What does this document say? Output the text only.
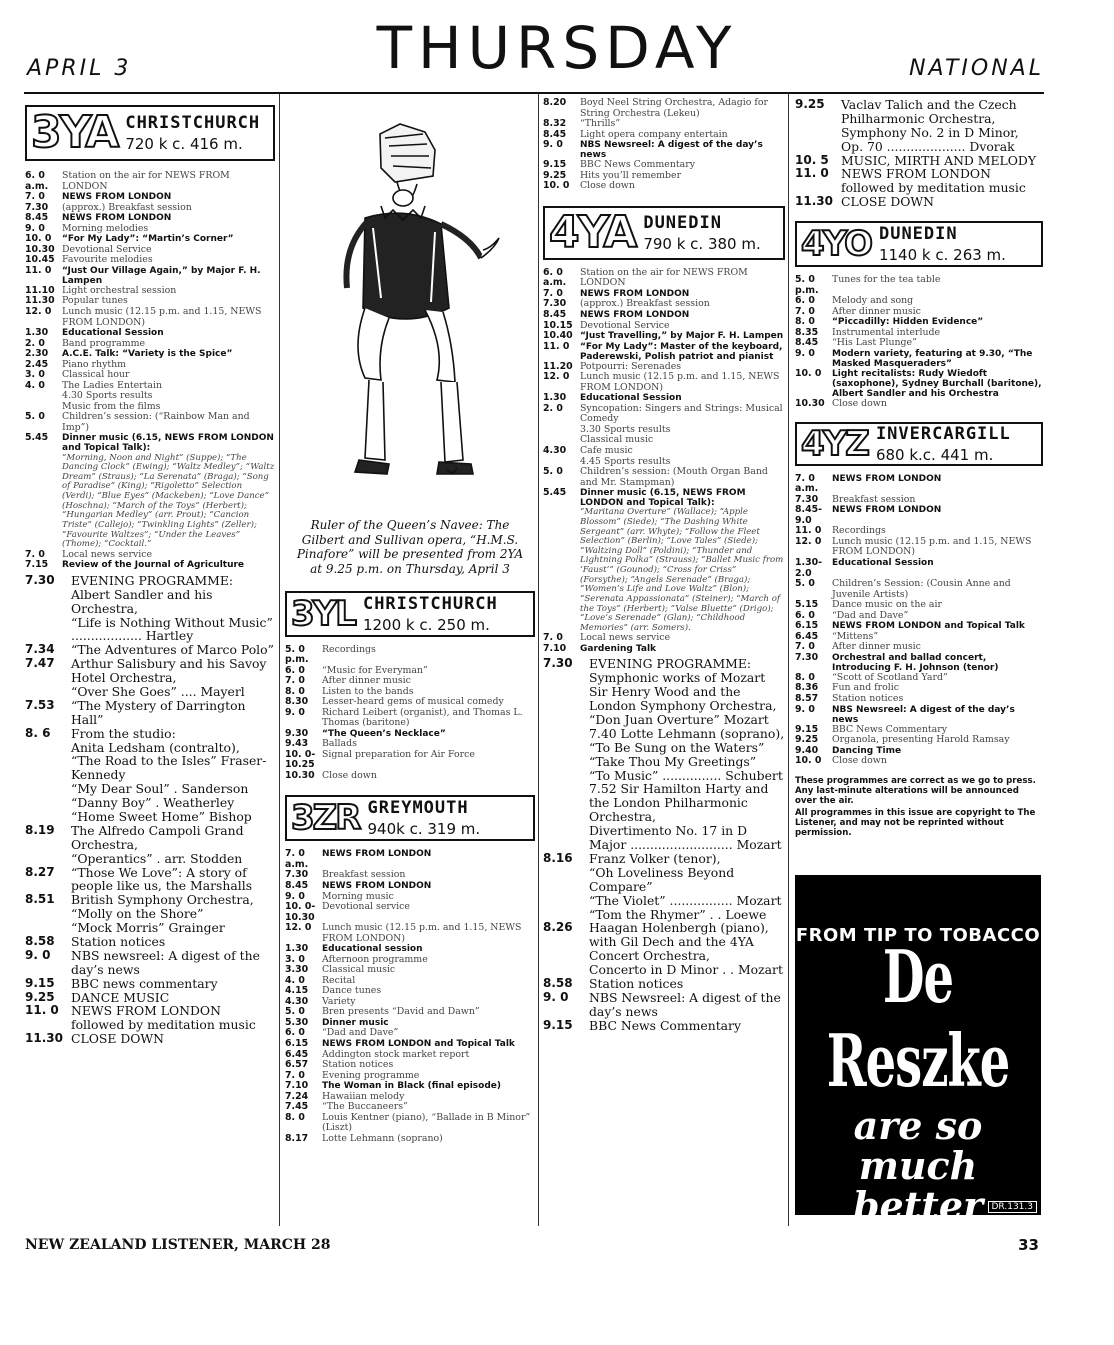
APRIL 3	THURSDAY	NATIONAL
3YA CHRISTCHURCH
720 k c. 416 m.
6. 0 a.m.
Station on the air for NEWS FROM LONDON
7. 0	NEWS FROM LONDON
7.30	(approx.) Breakfast session
8.45	NEWS FROM LONDON
9. 0	Morning melodies
10. 0	“For My Lady”: “Martin’s Corner”
10.30 Devotional Service
10.45 Favourite melodies
11. 0	“Just Our Village Again,” by Major F. H. Lampen
11.10 Light orchestral session
11.30 Popular tunes
12. 0	Lunch music (12.15 p.m. and 1.15, NEWS FROM LONDON)
1.30	Educational Session
2. 0	Band programme
2.30	A.C.E. Talk: “Variety is the Spice”
2.45	Piano rhythm
3. 0	Classical hour
4. 0	The Ladies Entertain
4.30 Sports results
Music from the films
5. 0	Children’s session: (“Rainbow Man and Imp”)
5.45	Dinner music (6.15, NEWS FROM LONDON and Topical Talk):
“Morning, Noon and Night” (Suppe); “The Dancing Clock” (Ewing); “Waltz Medley”; “Waltz Dream” (Straus); “La Serenata” (Braga); “Song of Paradise” (King); “Rigoletto” Selection (Verdi); “Blue Eyes” (Mackeben); “Love Dance” (Hoschna); “March of the Toys” (Herbert); “Hungarian Medley” (arr. Prout); “Cancion Triste” (Callejo); “Twinkling Lights” (Zeller); “Favourite Waltzes”; “Under the Leaves” (Thome); “Cocktail.”
7. 0	Local news service
7.15	Review of the Journal of Agriculture
7.30	EVENING PROGRAMME:
Albert Sandler and his Orchestra,
“Life is Nothing Without Music” .................. Hartley
7.34	“The Adventures of Marco Polo”
7.47	Arthur Salisbury and his Savoy Hotel Orchestra,
“Over She Goes” .... Mayerl
7.53	“The Mystery of Darrington Hall”
8. 6	From the studio:
Anita Ledsham (contralto),
“The Road to the Isles” Fraser-Kennedy
“My Dear Soul” . Sanderson
“Danny Boy” . Weatherley
“Home Sweet Home” Bishop
8.19	The Alfredo Campoli Grand Orchestra,
“Operantics” . arr. Stodden
8.27	“Those We Love”: A story of people like us, the Marshalls
8.51	British Symphony Orchestra,
“Molly on the Shore”
“Mock Morris” Grainger
8.58	Station notices
9. 0	NBS newsreel: A digest of the day’s news
9.15	BBC news commentary
9.25	DANCE MUSIC
11. 0 NEWS FROM LONDON followed by meditation music
11.30 CLOSE DOWN
Ruler of the Queen’s Navee: The Gilbert and Sullivan opera, “H.M.S. Pinafore” will be presented from 2YA at 9.25 p.m. on Thursday, April 3
3YL CHRISTCHURCH
1200 k c. 250 m.
5. 0 p.m.
Recordings
6. 0	“Music for Everyman”
7. 0	After dinner music
8. 0	Listen to the bands
8.30	Lesser-heard gems of musical comedy
9. 0	Richard Leibert (organist), and Thomas L. Thomas (baritone)
9.30	“The Queen’s Necklace”
9.43	Ballads
10. 0-10.25
Signal preparation for Air Force
10.30 Close down
3ZR GREYMOUTH
940k c. 319 m.
7. 0 a.m.
NEWS FROM LONDON
7.30	Breakfast session
8.45	NEWS FROM LONDON
9. 0	Morning music
10. 0-10.30
Devotional service
12. 0	Lunch music (12.15 p.m. and 1.15, NEWS FROM LONDON)
1.30	Educational session
3. 0	Afternoon programme
3.30	Classical music
4. 0	Recital
4.15	Dance tunes
4.30	Variety
5. 0	Bren presents “David and Dawn”
5.30	Dinner music
6. 0	“Dad and Dave”
6.15	NEWS FROM LONDON and Topical Talk
6.45	Addington stock market report
6.57	Station notices
7. 0	Evening programme
7.10	The Woman in Black (final episode)
7.24	Hawaiian melody
7.45	“The Buccaneers”
8. 0	Louis Kentner (piano), “Ballade in B Minor” (Liszt)
8.17	Lotte Lehmann (soprano)
8.20	Boyd Neel String Orchestra, Adagio for String Orchestra (Lekeu)
8.32	“Thrills”
8.45	Light opera company entertain
9. 0	NBS Newsreel: A digest of the day’s news
9.15	BBC News Commentary
9.25	Hits you’ll remember
10. 0	Close down
4YA DUNEDIN
790 k c. 380 m.
6. 0 a.m.
Station on the air for NEWS FROM LONDON
7. 0	NEWS FROM LONDON
7.30	(approx.) Breakfast session
8.45	NEWS FROM LONDON
10.15 Devotional Service
10.40 “Just Travelling,” by Major F. H. Lampen
11. 0	“For My Lady”: Master of the keyboard, Paderewski, Polish patriot and pianist
11.20 Potpourri: Serenades
12. 0	Lunch music (12.15 p.m. and 1.15, NEWS FROM LONDON)
1.30	Educational Session
2. 0	Syncopation: Singers and Strings: Musical Comedy
3.30 Sports results
Classical music
4.30	Cafe music
4.45 Sports results
5. 0	Children’s session: (Mouth Organ Band and Mr. Stampman)
5.45	Dinner music (6.15, NEWS FROM LONDON and Topical Talk):
“Maritana Overture” (Wallace); “Apple Blossom” (Siede); “The Dashing White Sergeant” (arr. Whyte); “Follow the Fleet Selection” (Berlin); “Love Tales” (Siede); “Waltzing Doll” (Poldini); “Thunder and Lightning Polka” (Strauss); “Ballet Music from ‘Faust’” (Gounod); “Cross for Criss” (Forsythe); “Angels Serenade” (Braga); “Women’s Life and Love Waltz” (Blon); “Serenata Appassionata” (Steiner); “March of the Toys” (Herbert); “Valse Bluette” (Drigo); “Love’s Serenade” (Glan); “Childhood Memories” (arr. Somers).
7. 0	Local news service
7.10	Gardening Talk
7.30	EVENING PROGRAMME:
Symphonic works of Mozart
Sir Henry Wood and the London Symphony Orchestra,
“Don Juan Overture” Mozart
7.40 Lotte Lehmann (soprano),
“To Be Sung on the Waters”
“Take Thou My Greetings”
“To Music” ............... Schubert
7.52 Sir Hamilton Harty and the London Philharmonic Orchestra,
Divertimento No. 17 in D Major .......................... Mozart
8.16	Franz Volker (tenor),
“Oh Loveliness Beyond Compare”
“The Violet” ................ Mozart
“Tom the Rhymer” . . Loewe
8.26	Haagan Holenbergh (piano), with Gil Dech and the 4YA Concert Orchestra,
Concerto in D Minor . . Mozart
8.58	Station notices
9. 0	NBS Newsreel: A digest of the day’s news
9.15	BBC News Commentary
9.25	Vaclav Talich and the Czech Philharmonic Orchestra,
Symphony No. 2 in D Minor, Op. 70 .................... Dvorak
10. 5 MUSIC, MIRTH AND MELODY
11. 0 NEWS FROM LONDON followed by meditation music
11.30 CLOSE DOWN
4YO DUNEDIN
1140 k c. 263 m.
5. 0 p.m.
Tunes for the tea table
6. 0	Melody and song
7. 0	After dinner music
8. 0	“Piccadilly: Hidden Evidence”
8.35	Instrumental interlude
8.45	“His Last Plunge”
9. 0	Modern variety, featuring at 9.30, “The Masked Masqueraders”
10. 0	Light recitalists: Rudy Wiedoft (saxophone), Sydney Burchall (baritone), Albert Sandler and his Orchestra
10.30 Close down
4YZ INVERCARGILL
680 k.c. 441 m.
7. 0 a.m.
NEWS FROM LONDON
7.30	Breakfast session
8.45-9.0
NEWS FROM LONDON
11. 0	Recordings
12. 0	Lunch music (12.15 p.m. and 1.15, NEWS FROM LONDON)
1.30-2.0
Educational Session
5. 0	Children’s Session: (Cousin Anne and Juvenile Artists)
5.15	Dance music on the air
6. 0	“Dad and Dave”
6.15	NEWS FROM LONDON and Topical Talk
6.45	“Mittens”
7. 0	After dinner music
7.30	Orchestral and ballad concert, Introducing F. H. Johnson (tenor)
8. 0	“Scott of Scotland Yard”
8.36	Fun and frolic
8.57	Station notices
9. 0	NBS Newsreel: A digest of the day’s news
9.15	BBC News Commentary
9.25	Organola, presenting Harold Ramsay
9.40	Dancing Time
10. 0	Close down
These programmes are correct as we go to press. Any last-minute alterations will be announced over the air.
All programmes in this issue are copyright to The Listener, and may not be reprinted without permission.
FROM TIP TO TOBACCO
De Reszke
are so much better DR.131.3
NEW ZEALAND LISTENER, MARCH 28	33
